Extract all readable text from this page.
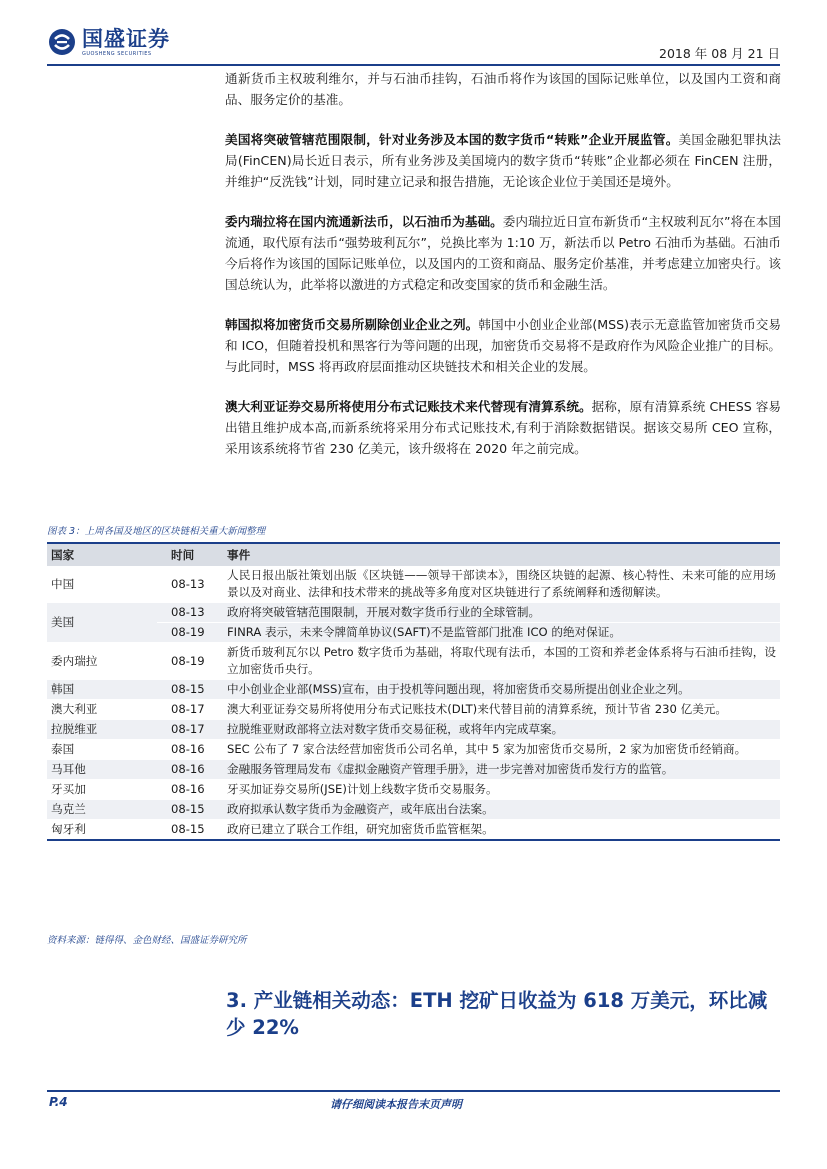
国盛证券
GUOSHENG SECURITIES	2018 年 08 月 21 日

通新货币主权玻利维尔，并与石油币挂钩，石油币将作为该国的国际记账单位，以及国内工资和商品、服务定价的基准。

美国将突破管辖范围限制，针对业务涉及本国的数字货币“转账”企业开展监管。美国金融犯罪执法局(FinCEN)局长近日表示，所有业务涉及美国境内的数字货币“转账”企业都必须在 FinCEN 注册，并维护“反洗钱”计划，同时建立记录和报告措施，无论该企业位于美国还是境外。

委内瑞拉将在国内流通新法币，以石油币为基础。委内瑞拉近日宣布新货币“主权玻利瓦尔”将在本国流通，取代原有法币“强势玻利瓦尔”，兑换比率为 1:10 万，新法币以 Petro 石油币为基础。石油币今后将作为该国的国际记账单位，以及国内的工资和商品、服务定价基准，并考虑建立加密央行。该国总统认为，此举将以激进的方式稳定和改变国家的货币和金融生活。

韩国拟将加密货币交易所剔除创业企业之列。韩国中小创业企业部(MSS)表示无意监管加密货币交易和 ICO，但随着投机和黑客行为等问题的出现，加密货币交易将不是政府作为风险企业推广的目标。与此同时，MSS 将再政府层面推动区块链技术和相关企业的发展。

澳大利亚证券交易所将使用分布式记账技术来代替现有清算系统。据称，原有清算系统 CHESS 容易出错且维护成本高,而新系统将采用分布式记账技术,有利于消除数据错误。据该交易所 CEO 宣称，采用该系统将节省 230 亿美元，该升级将在 2020 年之前完成。

图表 3：上周各国及地区的区块链相关重大新闻整理
国家	时间	事件
中国	08-13	人民日报出版社策划出版《区块链——领导干部读本》，围绕区块链的起源、核心特性、未来可能的应用场景以及对商业、法律和技术带来的挑战等多角度对区块链进行了系统阐释和透彻解读。
美国	08-13	政府将突破管辖范围限制，开展对数字货币行业的全球管制。
	08-19	FINRA 表示，未来令牌简单协议(SAFT)不是监管部门批准 ICO 的绝对保证。
委内瑞拉	08-19	新货币玻利瓦尔以 Petro 数字货币为基础，将取代现有法币，本国的工资和养老金体系将与石油币挂钩，设立加密货币央行。
韩国	08-15	中小创业企业部(MSS)宣布，由于投机等问题出现，将加密货币交易所提出创业企业之列。
澳大利亚	08-17	澳大利亚证券交易所将使用分布式记账技术(DLT)来代替目前的清算系统，预计节省 230 亿美元。
拉脱维亚	08-17	拉脱维亚财政部将立法对数字货币交易征税，或将年内完成草案。
泰国	08-16	SEC 公布了 7 家合法经营加密货币公司名单，其中 5 家为加密货币交易所，2 家为加密货币经销商。
马耳他	08-16	金融服务管理局发布《虚拟金融资产管理手册》，进一步完善对加密货币发行方的监管。
牙买加	08-16	牙买加证券交易所(JSE)计划上线数字货币交易服务。
乌克兰	08-15	政府拟承认数字货币为金融资产，或年底出台法案。
匈牙利	08-15	政府已建立了联合工作组，研究加密货币监管框架。
资料来源：链得得、金色财经、国盛证券研究所
3. 产业链相关动态：ETH 挖矿日收益为 618 万美元，环比减少 22%
P.4	请仔细阅读本报告末页声明
